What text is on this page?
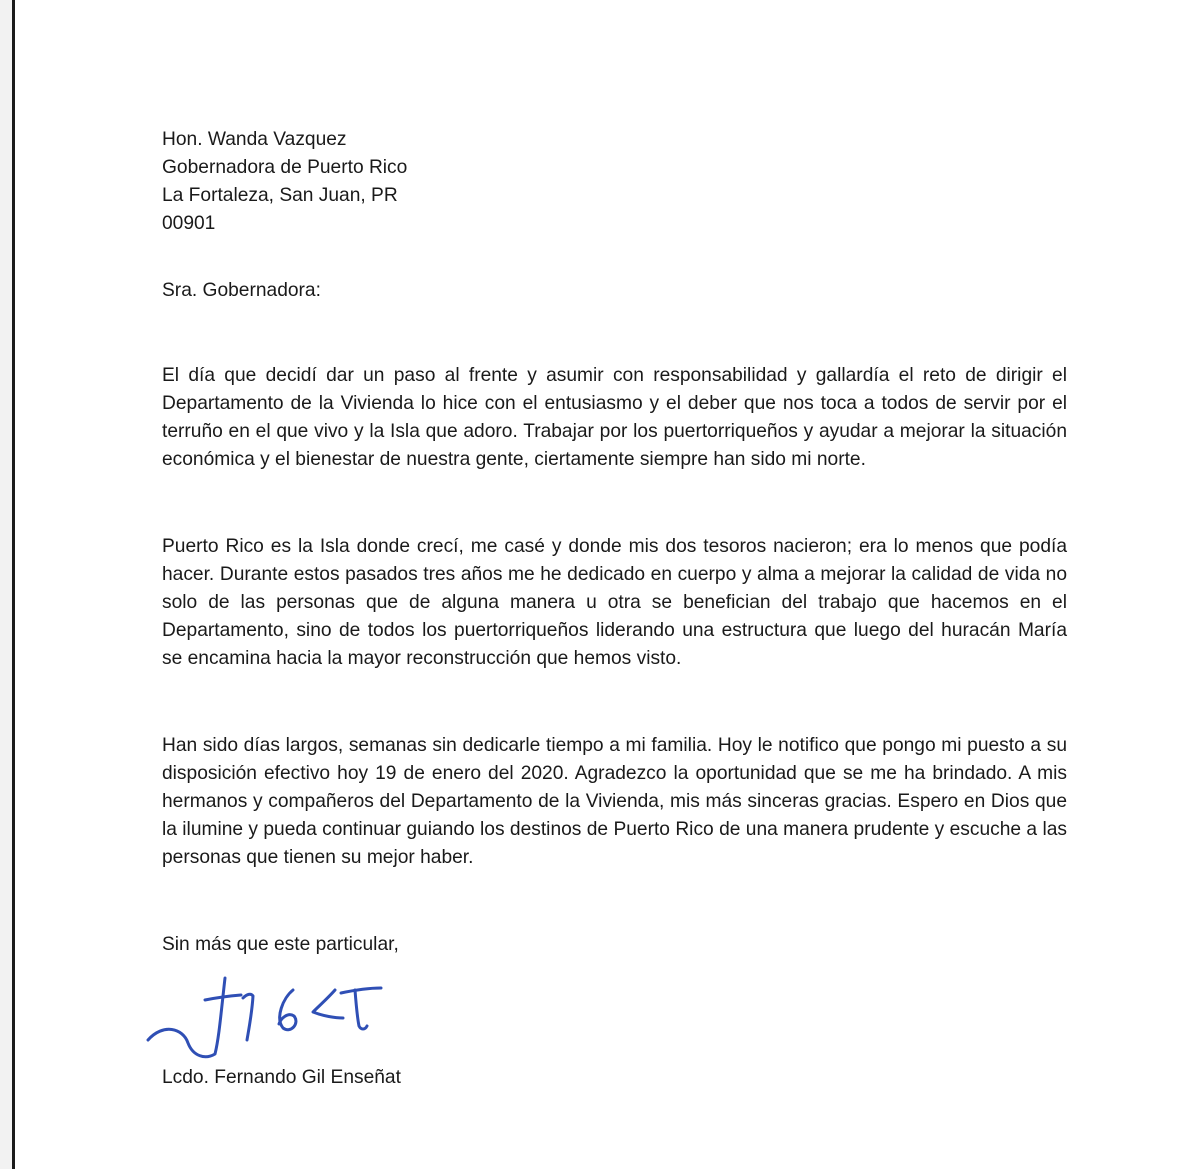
Hon. Wanda Vazquez
Gobernadora de Puerto Rico
La Fortaleza, San Juan, PR
00901
Sra. Gobernadora:
El día que decidí dar un paso al frente y asumir con responsabilidad y gallardía el reto de dirigir el
Departamento de la Vivienda lo hice con el entusiasmo y el deber que nos toca a todos de servir por el
terruño en el que vivo y la Isla que adoro. Trabajar por los puertorriqueños y ayudar a mejorar la situación
económica y el bienestar de nuestra gente, ciertamente siempre han sido mi norte.
Puerto Rico es la Isla donde crecí, me casé y donde mis dos tesoros nacieron; era lo menos que podía
hacer. Durante estos pasados tres años me he dedicado en cuerpo y alma a mejorar la calidad de vida no
solo de las personas que de alguna manera u otra se benefician del trabajo que hacemos en el
Departamento, sino de todos los puertorriqueños liderando una estructura que luego del huracán María
se encamina hacia la mayor reconstrucción que hemos visto.
Han sido días largos, semanas sin dedicarle tiempo a mi familia. Hoy le notifico que pongo mi puesto a su
disposición efectivo hoy 19 de enero del 2020. Agradezco la oportunidad que se me ha brindado. A mis
hermanos y compañeros del Departamento de la Vivienda, mis más sinceras gracias. Espero en Dios que
la ilumine y pueda continuar guiando los destinos de Puerto Rico de una manera prudente y escuche a las
personas que tienen su mejor haber.
Sin más que este particular,
Lcdo. Fernando Gil Enseñat
